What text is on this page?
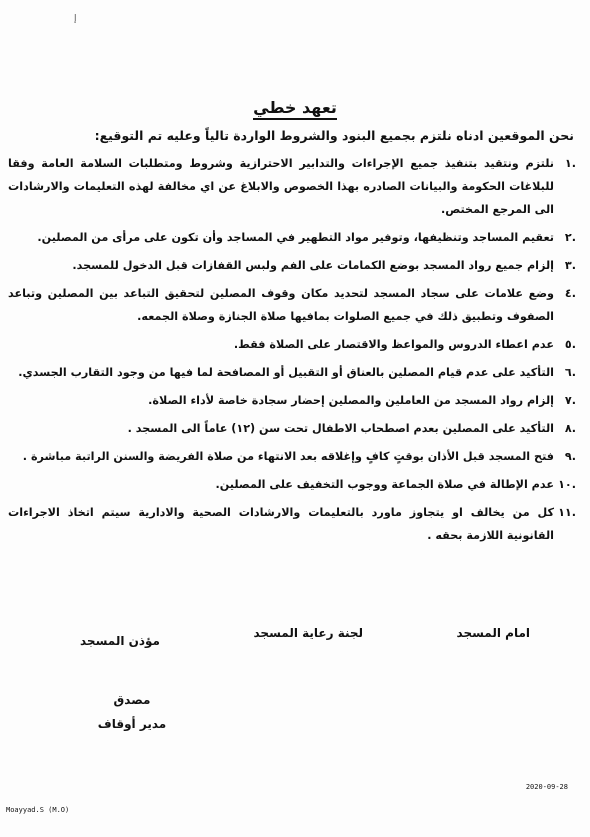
ﺇ
تعهد خطي
نحن الموقعين ادناه نلتزم بجميع البنود والشروط الواردة تالياً وعليه تم التوقيع:
.١
نلتزم ونتقيد بتنفيذ جميع الإجراءات والتدابير الاحترازية وشروط ومتطلبات السلامة العامة وفقا للبلاغات الحكومة والبيانات الصادره بهذا الخصوص والابلاغ عن اي مخالفة لهذه التعليمات والارشادات الى المرجع المختص.
.٢
تعقيم المساجد وتنظيفها، وتوفير مواد التطهير في المساجد وأن تكون على مرأى من المصلين.
.٣
إلزام جميع رواد المسجد بوضع الكمامات على الفم ولبس القفازات قبل الدخول للمسجد.
.٤
وضع علامات على سجاد المسجد لتحديد مكان وقوف المصلين لتحقيق التباعد بين المصلين وتباعد الصفوف وتطبيق ذلك في جميع الصلوات بمافيها صلاة الجنازة وصلاة الجمعه.
.٥
عدم اعطاء الدروس والمواعظ والاقتصار على الصلاة فقط.
.٦
التأكيد على عدم قيام المصلين بالعناق أو التقبيل أو المصافحة لما فيها من وجود التقارب الجسدي.
.٧
إلزام رواد المسجد من العاملين والمصلين إحضار سجادة خاصة لأداء الصلاة.
.٨
التأكيد على المصلين بعدم اصطحاب الاطفال تحت سن (١٢) عاماً الى المسجد .
.٩
فتح المسجد قبل الأذان بوقتٍ كافٍ وإغلاقه بعد الانتهاء من صلاة الفريضة والسنن الراتبة مباشرة .
.١٠
عدم الإطالة في صلاة الجماعة ووجوب التخفيف على المصلين.
.١١
كل من يخالف او يتجاوز ماورد بالتعليمات والارشادات الصحية والادارية سيتم اتخاذ الاجراءات القانونية اللازمة بحقه .
امام المسجد
لجنة رعاية المسجد
مؤذن المسجد
مصدق
مدير أوقاف
2020-09-28
Moayyad.S (M.O)
